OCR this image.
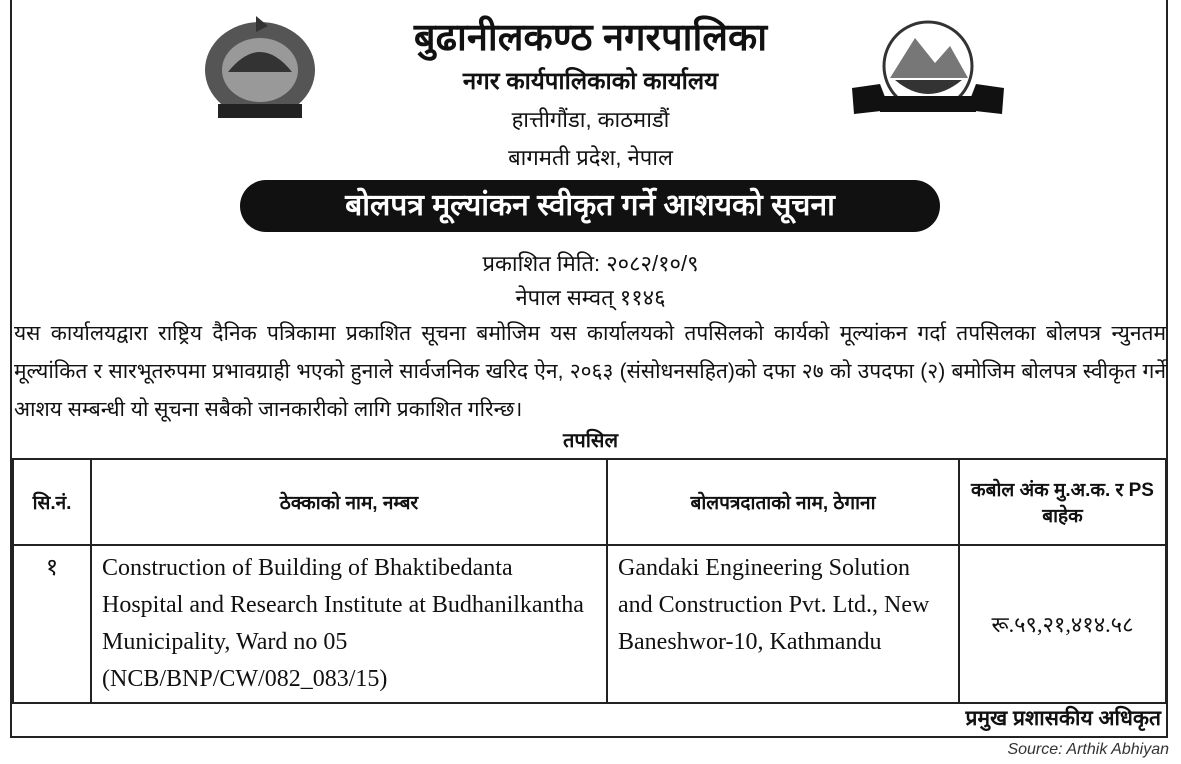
बुढानीलकण्ठ नगरपालिका
नगर कार्यपालिकाको कार्यालय
हात्तीगौंडा, काठमाडौं
बागमती प्रदेश, नेपाल
बोलपत्र मूल्यांकन स्वीकृत गर्ने आशयको सूचना
प्रकाशित मिति: २०८२/१०/९
नेपाल सम्वत् ११४६
यस कार्यालयद्वारा राष्ट्रिय दैनिक पत्रिकामा प्रकाशित सूचना बमोजिम यस कार्यालयको तपसिलको कार्यको मूल्यांकन गर्दा तपसिलका बोलपत्र न्युनतम मूल्यांकित र सारभूतरुपमा प्रभावग्राही भएको हुनाले सार्वजनिक खरिद ऐन, २०६३ (संसोधनसहित)को दफा २७ को उपदफा (२) बमोजिम बोलपत्र स्वीकृत गर्ने आशय सम्बन्धी यो सूचना सबैको जानकारीको लागि प्रकाशित गरिन्छ।
तपसिल
सि.नं.	ठेक्काको नाम, नम्बर	बोलपत्रदाताको नाम, ठेगाना	कबोल अंक मु.अ.क. र PS बाहेक
१	Construction of Building of Bhaktibedanta Hospital and Research Institute at Budhanilkantha Municipality, Ward no 05 (NCB/BNP/CW/082_083/15)	Gandaki Engineering Solution and Construction Pvt. Ltd., New Baneshwor-10, Kathmandu	रू.५९,२१,४१४.५८
प्रमुख प्रशासकीय अधिकृत
Source: Arthik Abhiyan
